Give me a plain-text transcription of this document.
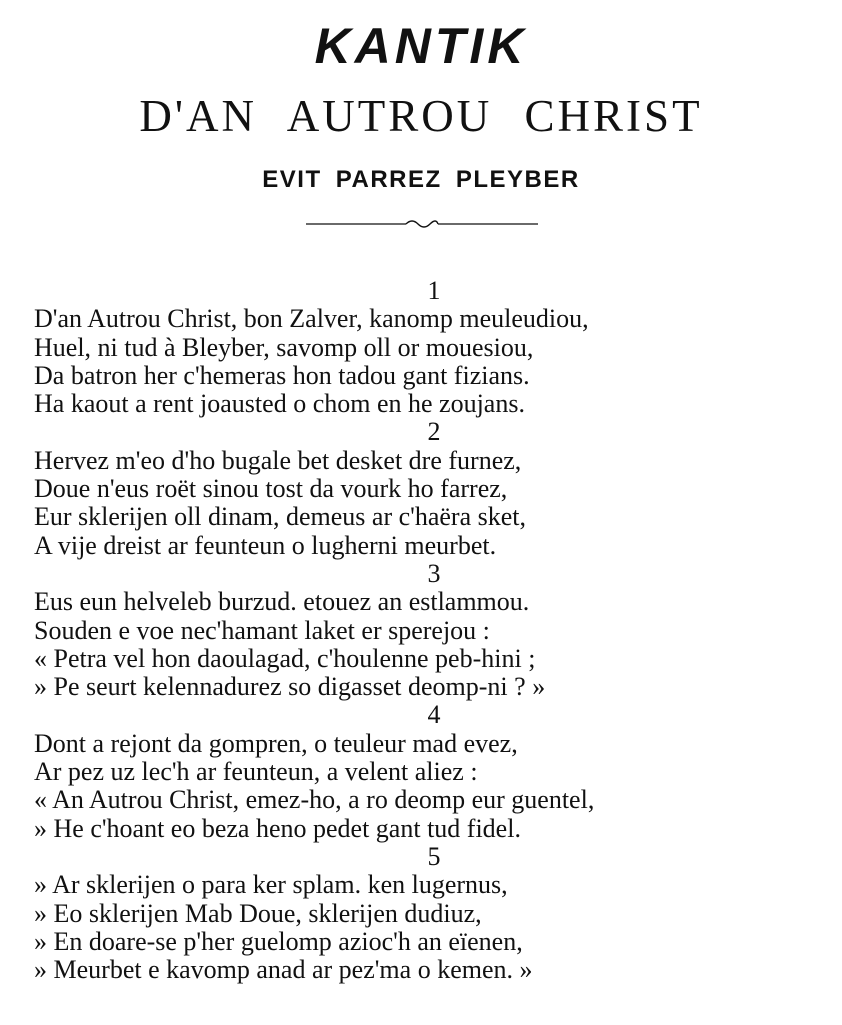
KANTIK
D'AN AUTROU CHRIST
EVIT PARREZ PLEYBER
1
D'an Autrou Christ, bon Zalver, kanomp meuleudiou,
Huel, ni tud à Bleyber, savomp oll or mouesiou,
Da batron her c'hemeras hon tadou gant fizians.
Ha kaout a rent joausted o chom en he zoujans.
2
Hervez m'eo d'ho bugale bet desket dre furnez,
Doue n'eus roët sinou tost da vourk ho farrez,
Eur sklerijen oll dinam, demeus ar c'haëra sket,
A vije dreist ar feunteun o lugherni meurbet.
3
Eus eun helveleb burzud. etouez an estlammou.
Souden e voe nec'hamant laket er sperejou :
« Petra vel hon daoulagad, c'houlenne peb-hini ;
» Pe seurt kelennadurez so digasset deomp-ni ? »
4
Dont a rejont da gompren, o teuleur mad evez,
Ar pez uz lec'h ar feunteun, a velent aliez :
« An Autrou Christ, emez-ho, a ro deomp eur guentel,
» He c'hoant eo beza heno pedet gant tud fidel.
5
» Ar sklerijen o para ker splam. ken lugernus,
» Eo sklerijen Mab Doue, sklerijen dudiuz,
» En doare-se p'her guelomp azioc'h an eïenen,
» Meurbet e kavomp anad ar pez'ma o kemen. »
